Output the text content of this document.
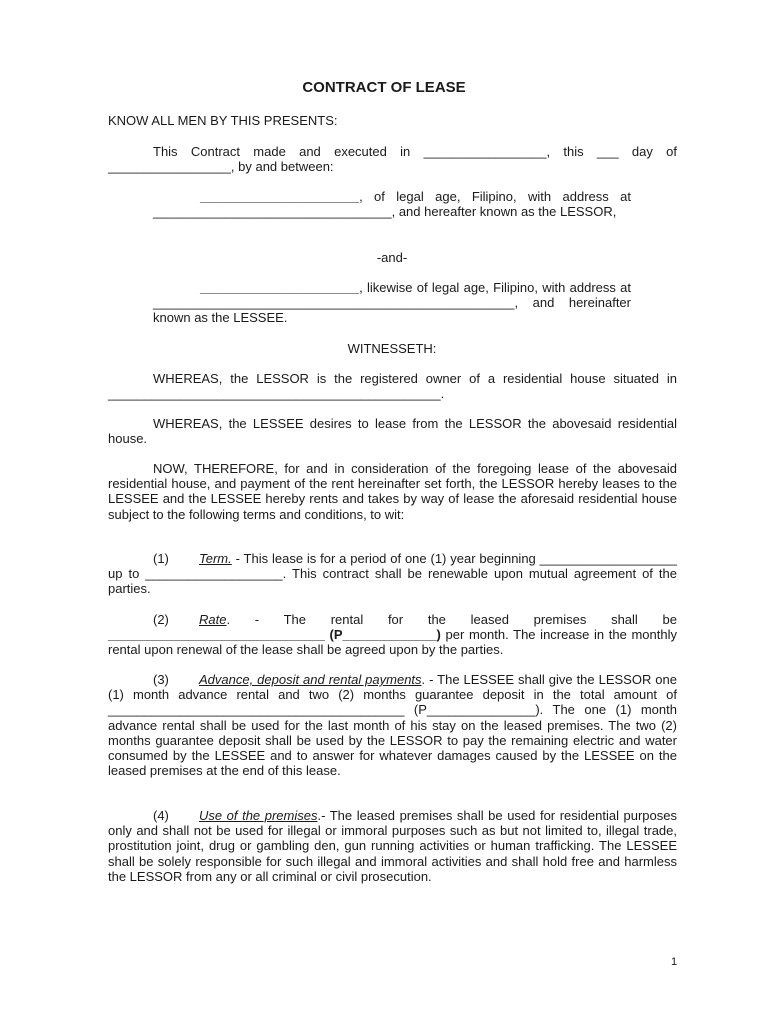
CONTRACT OF LEASE
KNOW ALL MEN BY THIS PRESENTS:
This Contract made and executed in _________________, this ___ day of _________________, by and between:
______________________, of legal age, Filipino, with address at _________________________________, and hereafter known as the LESSOR,
-and-
______________________, likewise of legal age, Filipino, with address at __________________________________________________, and hereinafter known as the LESSEE.
WITNESSETH:
WHEREAS, the LESSOR is the registered owner of a residential house situated in ______________________________________________.
WHEREAS, the LESSEE desires to lease from the LESSOR the abovesaid residential house.
NOW, THEREFORE, for and in consideration of the foregoing lease of the abovesaid residential house, and payment of the rent hereinafter set forth, the LESSOR hereby leases to the LESSEE and the LESSEE hereby rents and takes by way of lease the aforesaid residential house subject to the following terms and conditions, to wit:
(1) Term. - This lease is for a period of one (1) year beginning ___________________ up to ___________________. This contract shall be renewable upon mutual agreement of the parties.
(2) Rate. - The rental for the leased premises shall be ______________________________ (P_____________) per month. The increase in the monthly rental upon renewal of the lease shall be agreed upon by the parties.
(3) Advance, deposit and rental payments. - The LESSEE shall give the LESSOR one (1) month advance rental and two (2) months guarantee deposit in the total amount of _________________________________________ (P_______________). The one (1) month advance rental shall be used for the last month of his stay on the leased premises. The two (2) months guarantee deposit shall be used by the LESSOR to pay the remaining electric and water consumed by the LESSEE and to answer for whatever damages caused by the LESSEE on the leased premises at the end of this lease.
(4) Use of the premises.- The leased premises shall be used for residential purposes only and shall not be used for illegal or immoral purposes such as but not limited to, illegal trade, prostitution joint, drug or gambling den, gun running activities or human trafficking. The LESSEE shall be solely responsible for such illegal and immoral activities and shall hold free and harmless the LESSOR from any or all criminal or civil prosecution.
1
